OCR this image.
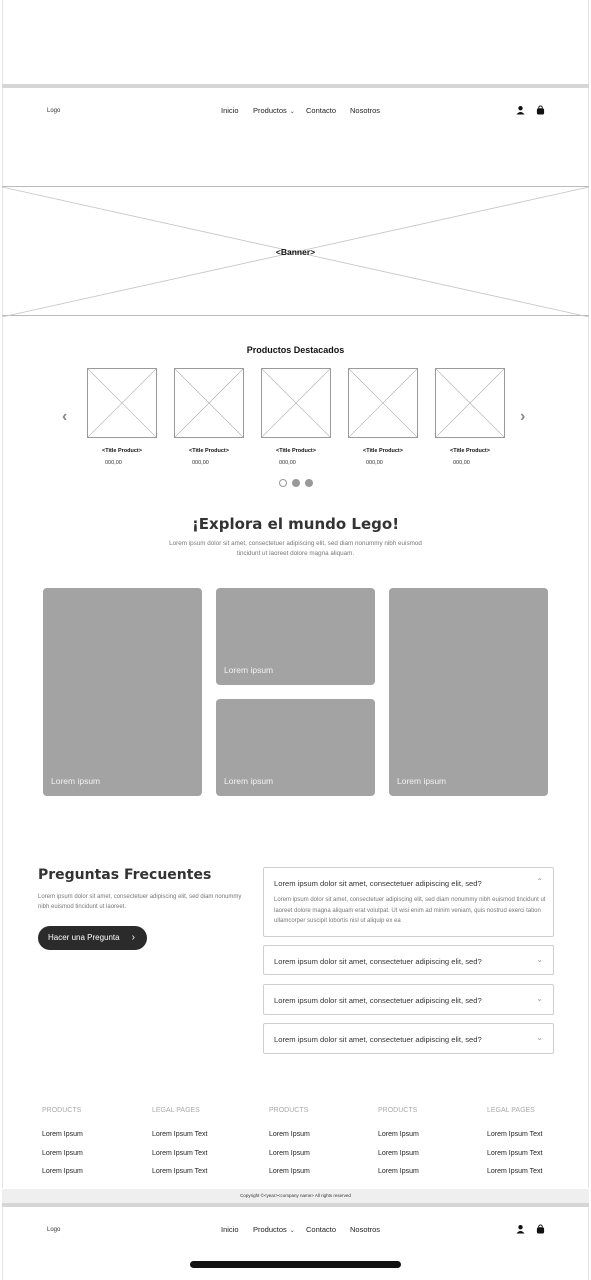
Logo	Inicio Productos ⌄ Contacto Nosotros
<Banner>
Productos Destacados
‹	›
<Title Product>
000,00
<Title Product>
000,00
<Title Product>
000,00
<Title Product>
000,00
<Title Product>
000,00
¡Explora el mundo Lego!
Lorem ipsum dolor sit amet, consectetuer adipiscing elit, sed diam nonummy nibh euismod tincidunt ut laoreet dolore magna aliquam.
Lorem ipsum
Lorem ipsum
Lorem ipsum	Lorem ipsum
Preguntas Frecuentes
Lorem ipsum dolor sit amet, consectetuer adipiscing elit, sed diam nonummy nibh euismod tincidunt ut laoreet.
Hacer una Pregunta ›
Lorem ipsum dolor sit amet, consectetuer adipiscing elit, sed?	⌃
Lorem ipsum dolor sit amet, consectetuer adipiscing elit, sed diam nonummy nibh euismod tincidunt ut laoreet dolore magna aliquam erat volutpat. Ut wisi enim ad minim veniam, quis nostrud exerci tation ullamcorper suscipit lobortis nisl ut aliquip ex ea
Lorem ipsum dolor sit amet, consectetuer adipiscing elit, sed?	⌄
Lorem ipsum dolor sit amet, consectetuer adipiscing elit, sed?	⌄
Lorem ipsum dolor sit amet, consectetuer adipiscing elit, sed?	⌄
PRODUCTS
Lorem Ipsum
Lorem Ipsum
Lorem Ipsum
LEGAL PAGES
Lorem Ipsum Text
Lorem Ipsum Text
Lorem Ipsum Text
PRODUCTS
Lorem Ipsum
Lorem Ipsum
Lorem Ipsum
PRODUCTS
Lorem Ipsum
Lorem Ipsum
Lorem Ipsum
LEGAL PAGES
Lorem Ipsum Text
Lorem Ipsum Text
Lorem Ipsum Text
Copyright ©<year><company name> All rights reserved
Logo	Inicio Productos ⌄ Contacto Nosotros
